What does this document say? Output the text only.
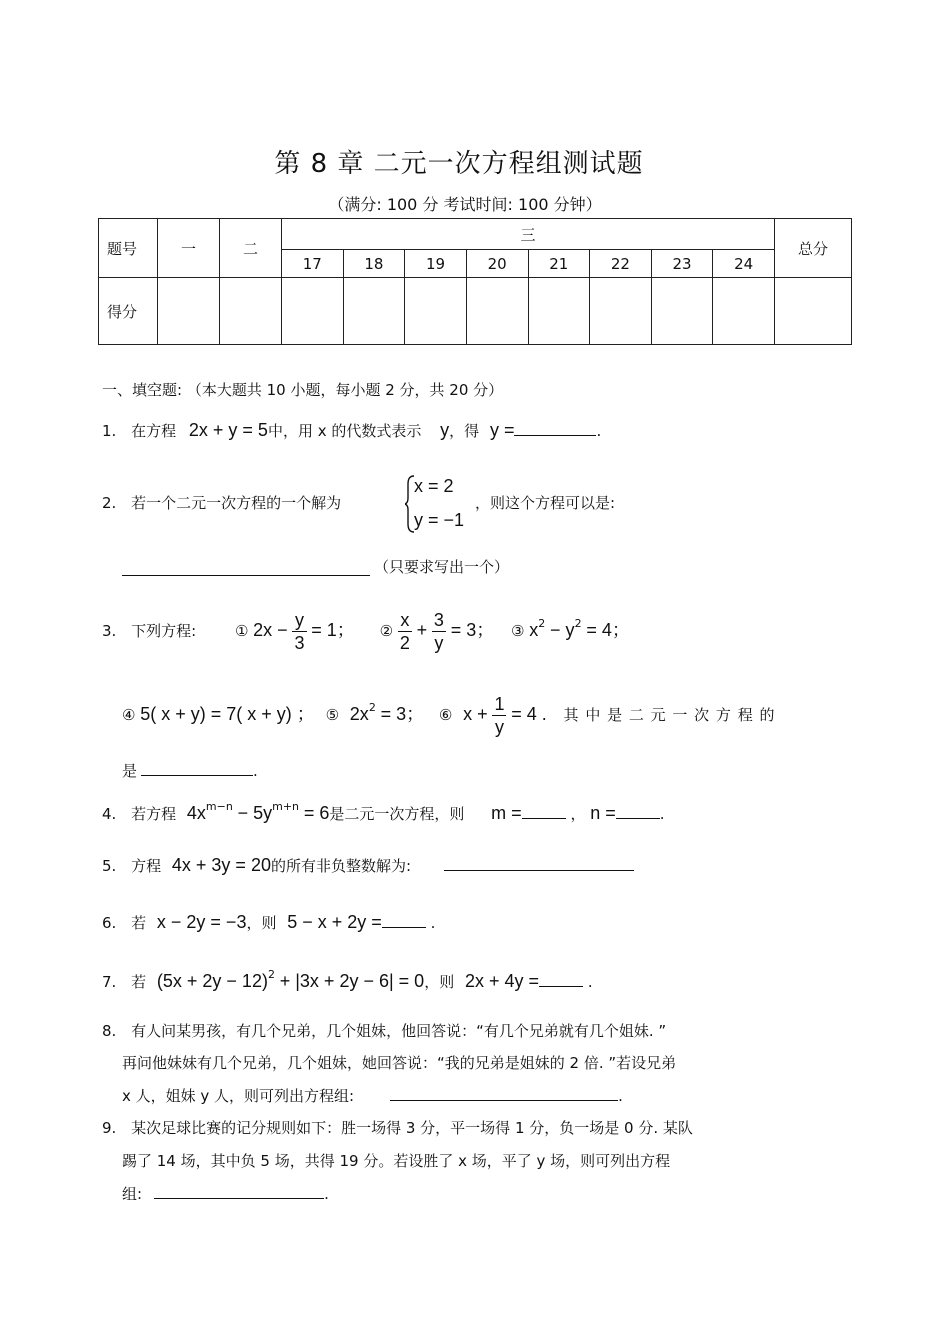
第 8 章 二元一次方程组测试题
（满分: 100 分 考试时间: 100 分钟）
题号	一	二	三								总分
			17	18	19	20	21	22	23	24	
得分											
一、填空题: （本大题共 10 小题，每小题 2 分，共 20 分）
1. 在方程 2x + y = 5中，用 x 的代数式表示 y，得 y =	.
2. 若一个二元一次方程的一个解为
x = 2
y = −1
，则这个方程可以是:
（只要求写出一个）
3. 下列方程:	① $2x - \frac{y}{3} = 1$； ② $\frac{x}{2} + \frac{3}{y} = 3$； ③ $x^2 - y^2 = 4$；
④ 5( x + y) = 7( x + y) ； ⑤ $2x^2 = 3$； ⑥ $x + \frac{1}{y} = 4$ . 其 中 是 二 元 一 次 方 程 的
是	.
4. 若方程 $4x^{m-n} - 5y^{m+n} = 6$是二元一次方程，则 m =	， n =	.
5. 方程 4x + 3y = 20的所有非负整数解为:
6. 若 x − 2y = −3，则 5 − x + 2y =	.
7. 若 $(5x + 2y - 12)^2 + |3x + 2y - 6| = 0$，则 2x + 4y =	.
8. 有人问某男孩，有几个兄弟，几个姐妹，他回答说：“有几个兄弟就有几个姐妹. ”
再问他妹妹有几个兄弟，几个姐妹，她回答说：“我的兄弟是姐妹的 2 倍. ”若设兄弟
x 人，姐妹 y 人，则可列出方程组:	.
9. 某次足球比赛的记分规则如下：胜一场得 3 分，平一场得 1 分，负一场是 0 分. 某队
踢了 14 场，其中负 5 场，共得 19 分。若设胜了 x 场，平了 y 场，则可列出方程
组:	.
